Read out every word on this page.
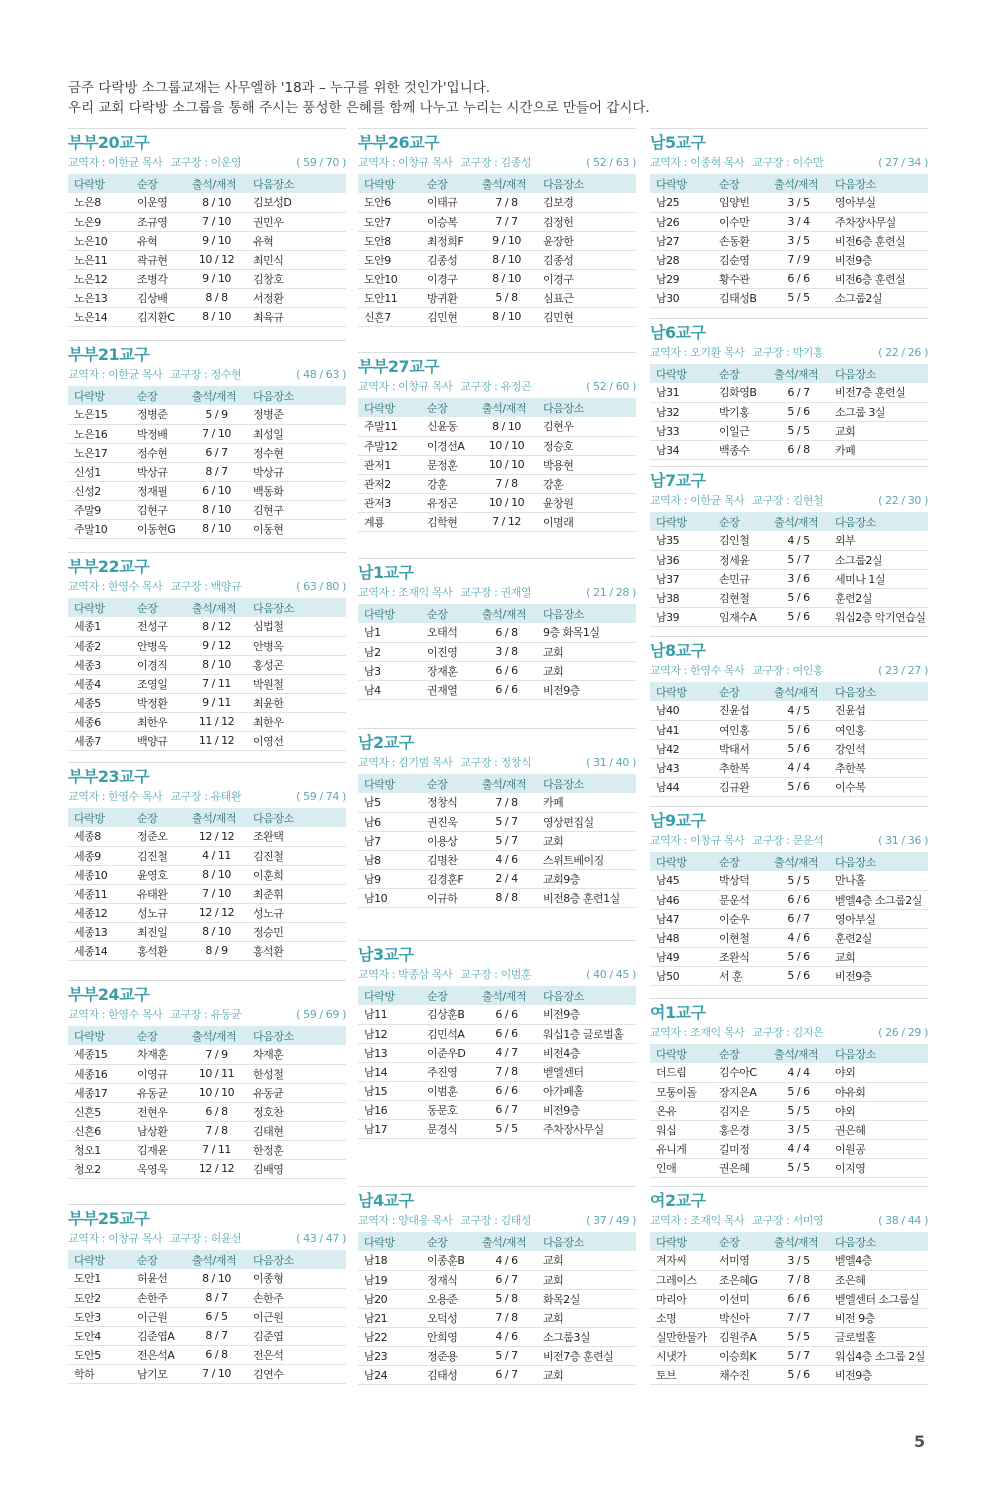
금주 다락방 소그룹교재는 사무엘하 '18과 – 누구를 위한 것인가'입니다.
우리 교회 다락방 소그룹을 통해 주시는 풍성한 은혜를 함께 나누고 누리는 시간으로 만들어 갑시다.
부부20교구
교역자 : 이한균 목사 교구장 : 이운영	( 59 / 70 )
다락방	순장	출석/재적	다음장소
노은8	이운영	8 / 10	김보성D
노은9	조규영	7 / 10	권민우
노은10	유혁	9 / 10	유혁
노은11	곽규현	10 / 12	최민식
노은12	조병각	9 / 10	김창호
노은13	김상배	8 / 8	서정환
노은14	김지환C	8 / 10	최육규
부부21교구
교역자 : 이한균 목사 교구장 : 정수현	( 48 / 63 )
다락방	순장	출석/재적	다음장소
노은15	정병준	5 / 9	정병준
노은16	박정배	7 / 10	최성일
노은17	정수현	6 / 7	정수현
신성1	박상규	8 / 7	박상규
신성2	정재필	6 / 10	백동화
주말9	김현구	8 / 10	김현구
주말10	이동현G	8 / 10	이동현
부부22교구
교역자 : 한영수 목사 교구장 : 백양규	( 63 / 80 )
다락방	순장	출석/재적	다음장소
세종1	전성구	8 / 12	심법철
세종2	안병옥	9 / 12	안병옥
세종3	이경직	8 / 10	홍성곤
세종4	조영일	7 / 11	박원철
세종5	박정환	9 / 11	최윤한
세종6	최한우	11 / 12	최한우
세종7	백양규	11 / 12	이영선
부부23교구
교역자 : 한영수 목사 교구장 : 유태완	( 59 / 74 )
다락방	순장	출석/재적	다음장소
세종8	정준오	12 / 12	조완택
세종9	김진철	4 / 11	김진철
세종10	윤영호	8 / 10	이훈희
세종11	유태완	7 / 10	최준휘
세종12	성노규	12 / 12	성노규
세종13	최진일	8 / 10	정승민
세종14	홍석환	8 / 9	홍석환
부부24교구
교역자 : 한영수 목사 교구장 : 유동균	( 59 / 69 )
다락방	순장	출석/재적	다음장소
세종15	차재훈	7 / 9	차재훈
세종16	이영규	10 / 11	한성철
세종17	유동균	10 / 10	유동균
신흔5	전현우	6 / 8	정호찬
신흔6	남상환	7 / 8	김태현
청오1	김재윤	7 / 11	한정훈
청오2	옥영욱	12 / 12	김배영
부부25교구
교역자 : 이창규 목사 교구장 : 허윤선	( 43 / 47 )
다락방	순장	출석/재적	다음장소
도안1	허윤선	8 / 10	이종형
도안2	손한주	8 / 7	손한주
도안3	이근원	6 / 5	이근원
도안4	김준엽A	8 / 7	김준엽
도안5	전은석A	6 / 8	전은석
학하	남기모	7 / 10	김연수
부부26교구
교역자 : 이창규 목사 교구장 : 김종성	( 52 / 63 )
다락방	순장	출석/재적	다음장소
도안6	이태규	7 / 8	김보경
도안7	이승복	7 / 7	김정헌
도안8	최정희F	9 / 10	윤장한
도안9	김종성	8 / 10	김종성
도안10	이경구	8 / 10	이경구
도안11	방귀환	5 / 8	심표근
신흔7	김민현	8 / 10	김민현
부부27교구
교역자 : 이창규 목사 교구장 : 유정곤	( 52 / 60 )
다락방	순장	출석/재적	다음장소
주말11	신윤동	8 / 10	김현우
주말12	이경선A	10 / 10	정승호
관저1	문정훈	10 / 10	박용현
관저2	강훈	7 / 8	강훈
관저3	유정곤	10 / 10	윤창원
계룡	김학현	7 / 12	이명래
남1교구
교역자 : 조재익 목사 교구장 : 권재열	( 21 / 28 )
다락방	순장	출석/재적	다음장소
남1	오태석	6 / 8	9층 화목1실
남2	이진영	3 / 8	교회
남3	장재훈	6 / 6	교회
남4	권재열	6 / 6	비전9층
남2교구
교역자 : 김기범 목사 교구장 : 정창식	( 31 / 40 )
다락방	순장	출석/재적	다음장소
남5	정창식	7 / 8	카페
남6	권진욱	5 / 7	영상편집실
남7	이용상	5 / 7	교회
남8	김명찬	4 / 6	스위트베이징
남9	김경훈F	2 / 4	교회9층
남10	이규하	8 / 8	비전8층 훈련1실
남3교구
교역자 : 박종삼 목사 교구장 : 이범훈	( 40 / 45 )
다락방	순장	출석/재적	다음장소
남11	김상훈B	6 / 6	비전9층
남12	김민석A	6 / 6	워십1층 글로벌홀
남13	이준우D	4 / 7	비전4층
남14	주진영	7 / 8	벧엘센터
남15	이범훈	6 / 6	아가페홀
남16	동문호	6 / 7	비전9층
남17	문경식	5 / 5	주차장사무실
남4교구
교역자 : 양대웅 목사 교구장 : 김태성	( 37 / 49 )
다락방	순장	출석/재적	다음장소
남18	이종훈B	4 / 6	교회
남19	정재식	6 / 7	교회
남20	오용준	5 / 8	화목2실
남21	오덕성	7 / 8	교회
남22	안희영	4 / 6	소그룹3실
남23	정준용	5 / 7	비전7층 훈련실
남24	김태성	6 / 7	교회
남5교구
교역자 : 이종혁 목사 교구장 : 이수만	( 27 / 34 )
다락방	순장	출석/재적	다음장소
남25	임양빈	3 / 5	영아부실
남26	이수만	3 / 4	주차장사무실
남27	손동환	3 / 5	비전6층 훈련실
남28	김순영	7 / 9	비전9층
남29	황수관	6 / 6	비전6층 훈련실
남30	김태성B	5 / 5	소그룹2실
남6교구
교역자 : 오기환 목사 교구장 : 박기홍	( 22 / 26 )
다락방	순장	출석/재적	다음장소
남31	김화영B	6 / 7	비전7층 훈련실
남32	박기홍	5 / 6	소그룹 3실
남33	이일근	5 / 5	교회
남34	백종수	6 / 8	카페
남7교구
교역자 : 이한균 목사 교구장 : 김현철	( 22 / 30 )
다락방	순장	출석/재적	다음장소
남35	김인철	4 / 5	외부
남36	정세윤	5 / 7	소그룹2실
남37	손민규	3 / 6	세미나 1실
남38	김현철	5 / 6	훈련2실
남39	임재수A	5 / 6	워십2층 악기연습실
남8교구
교역자 : 한영수 목사 교구장 : 여인홍	( 23 / 27 )
다락방	순장	출석/재적	다음장소
남40	진윤섭	4 / 5	진윤섭
남41	여인홍	5 / 6	여인홍
남42	박태서	5 / 6	강인석
남43	추한복	4 / 4	추한복
남44	김규완	5 / 6	이수복
남9교구
교역자 : 이창규 목사 교구장 : 문운석	( 31 / 36 )
다락방	순장	출석/재적	다음장소
남45	박상덕	5 / 5	만나홀
남46	문운석	6 / 6	벧엘4층 소그룹2실
남47	이순우	6 / 7	영아부실
남48	이현철	4 / 6	훈련2실
남49	조완식	5 / 6	교회
남50	서 훈	5 / 6	비전9층
여1교구
교역자 : 조재익 목사 교구장 : 김지은	( 26 / 29 )
다락방	순장	출석/재적	다음장소
더드림	김수아C	4 / 4	야외
모퉁이돌	장지은A	5 / 6	야유회
온유	김지은	5 / 5	야외
워십	홍은경	3 / 5	권은혜
유니게	길미정	4 / 4	이원공
인애	권은혜	5 / 5	이지영
여2교구
교역자 : 조재익 목사 교구장 : 서미영	( 38 / 44 )
다락방	순장	출석/재적	다음장소
겨자씨	서미영	3 / 5	벧엘4층
그레이스	조은혜G	7 / 8	조은혜
마리아	이선미	6 / 6	벧엘센터 소그룹실
소명	박신아	7 / 7	비전 9층
실만한물가	김원주A	5 / 5	글로벌홀
시냇가	이승희K	5 / 7	워십4층 소그룹 2실
토브	채수진	5 / 6	비전9층
5
